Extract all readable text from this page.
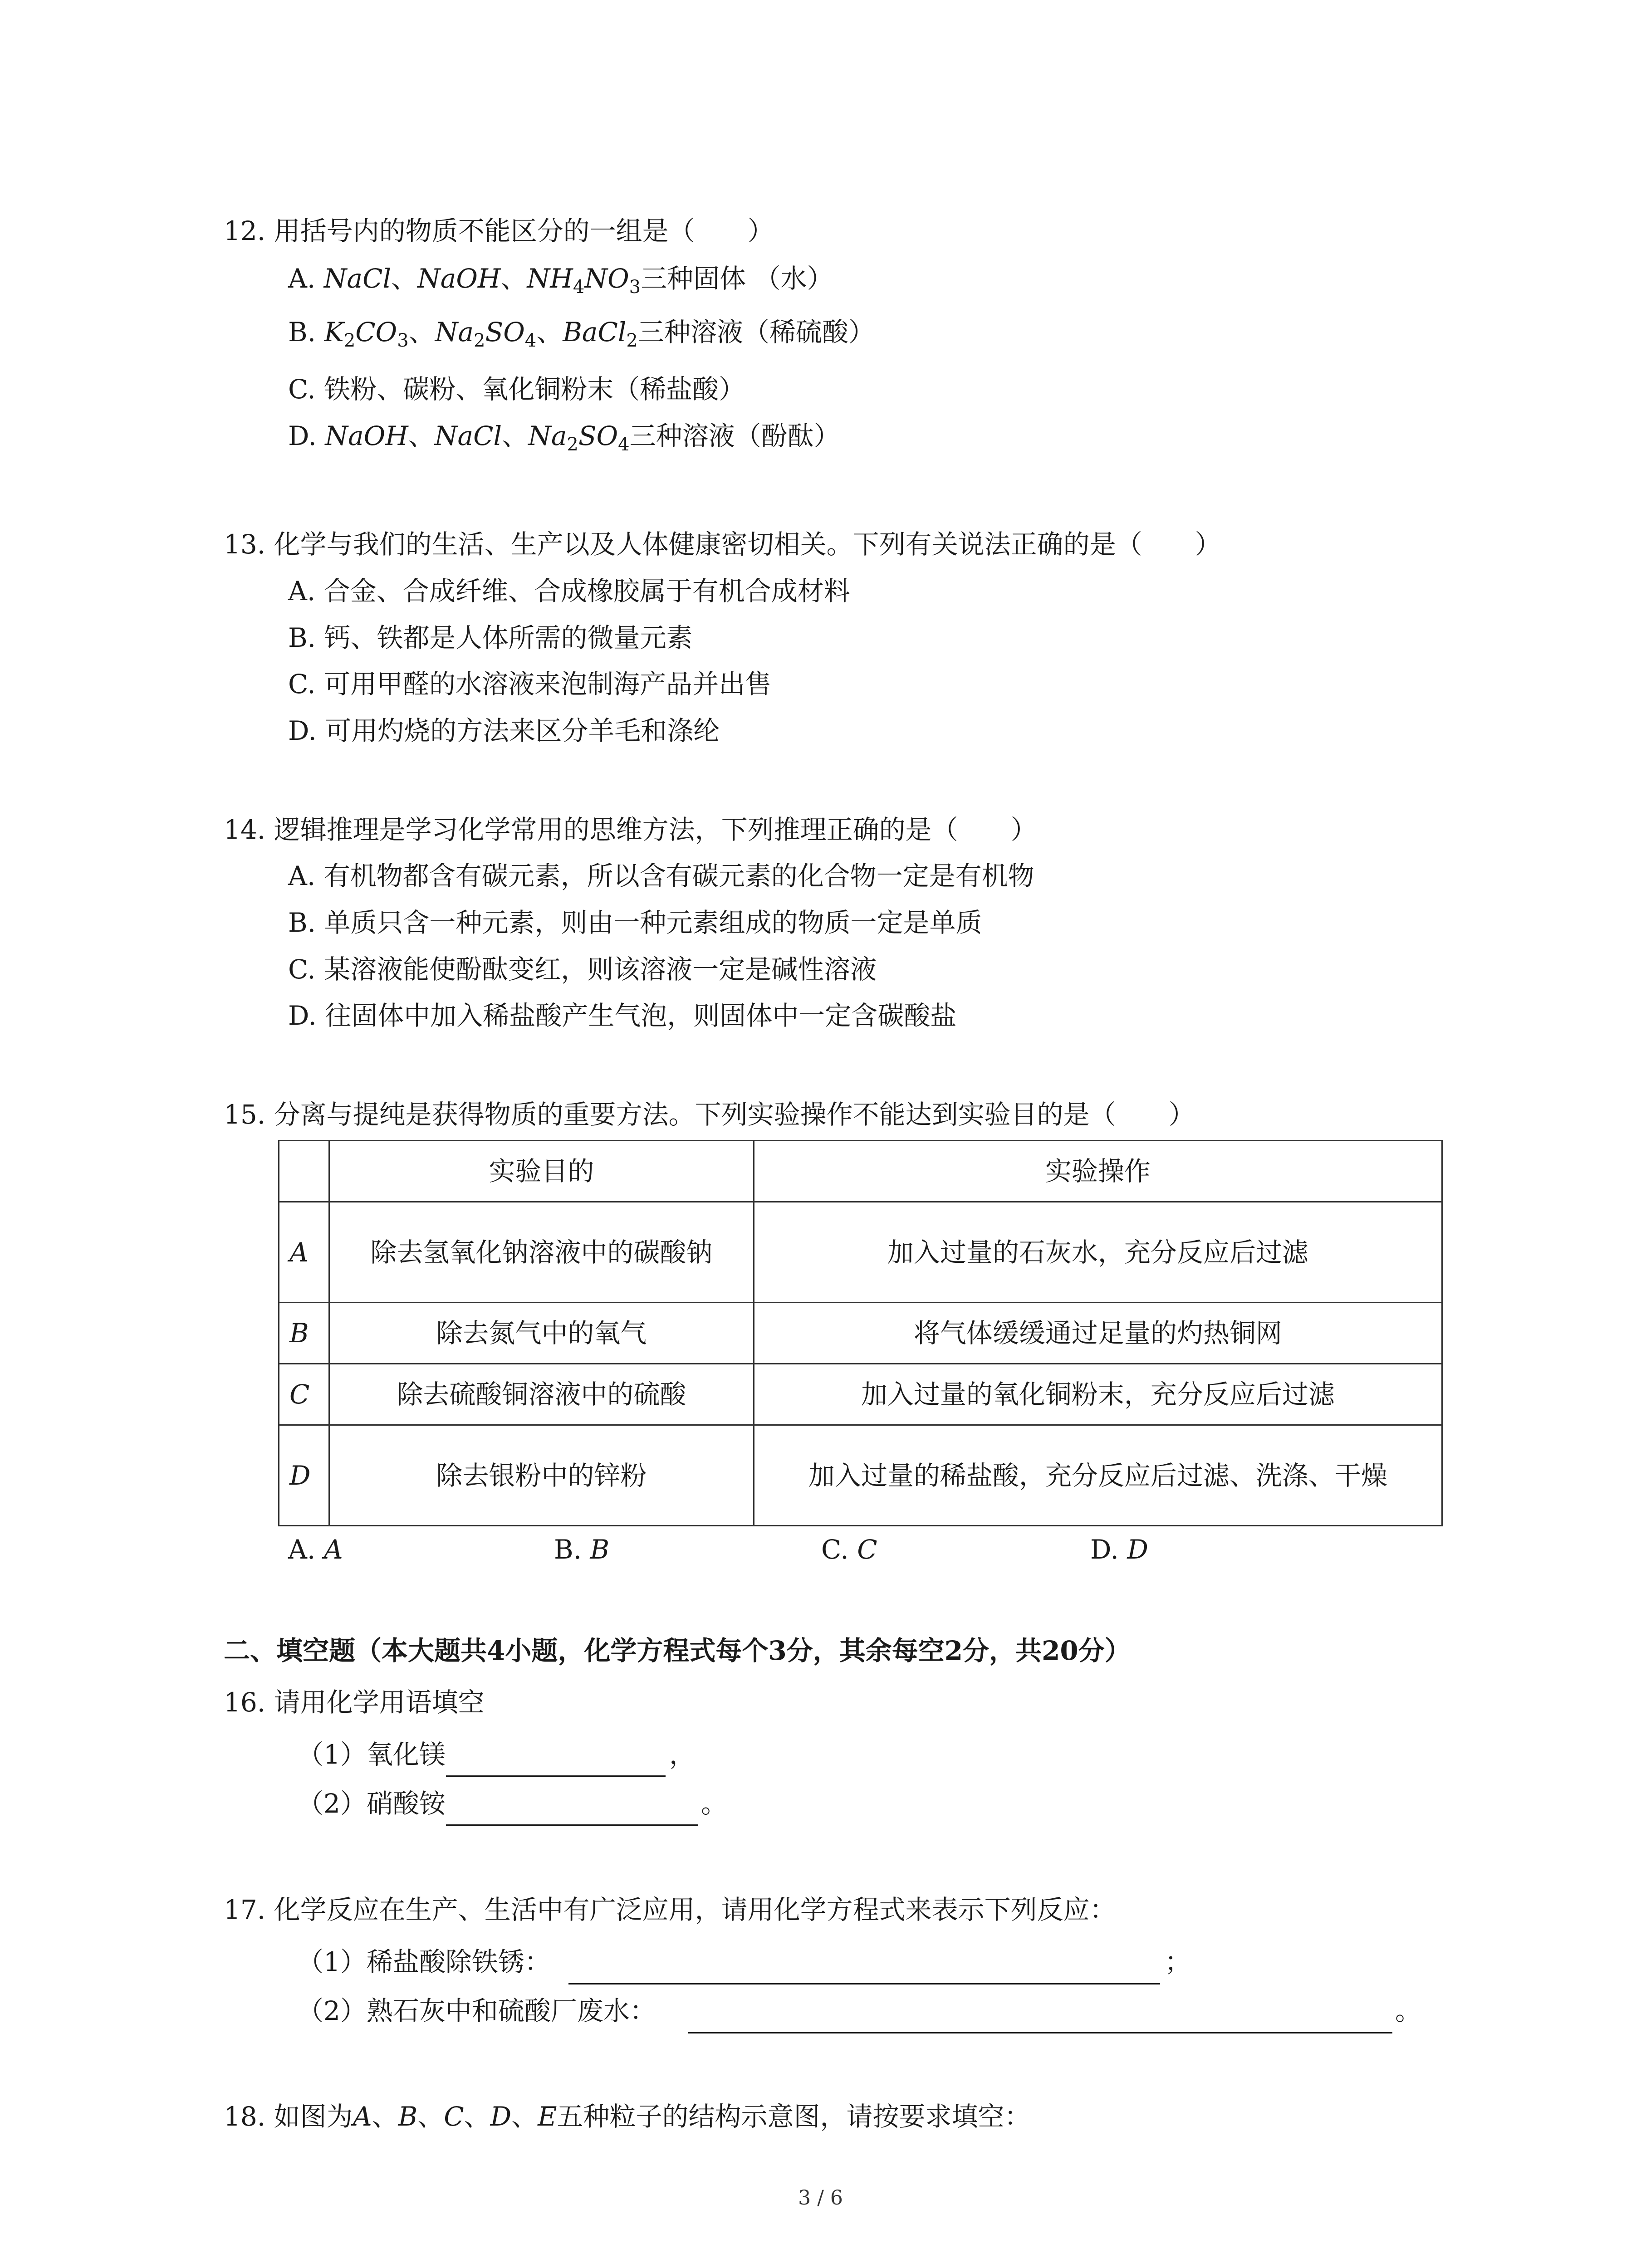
12. 用括号内的物质不能区分的一组是（　　）
A. NaCl、NaOH、$NH_4NO_3$三种固体 （水）
B. $K_2CO_3$、$Na_2SO_4$、BaCl$_2$三种溶液（稀硫酸）
C. 铁粉、碳粉、氧化铜粉末（稀盐酸）
D. NaOH、NaCl、$Na_2SO_4$三种溶液（酚酞）
13. 化学与我们的生活、生产以及人体健康密切相关。下列有关说法正确的是（　　）
A. 合金、合成纤维、合成橡胶属于有机合成材料
B. 钙、铁都是人体所需的微量元素
C. 可用甲醛的水溶液来泡制海产品并出售
D. 可用灼烧的方法来区分羊毛和涤纶
14. 逻辑推理是学习化学常用的思维方法，下列推理正确的是（　　）
A. 有机物都含有碳元素，所以含有碳元素的化合物一定是有机物
B. 单质只含一种元素，则由一种元素组成的物质一定是单质
C. 某溶液能使酚酞变红，则该溶液一定是碱性溶液
D. 往固体中加入稀盐酸产生气泡，则固体中一定含碳酸盐
15. 分离与提纯是获得物质的重要方法。下列实验操作不能达到实验目的是（　　）
	实验目的	实验操作
A	除去氢氧化钠溶液中的碳酸钠	加入过量的石灰水，充分反应后过滤
B	除去氮气中的氧气	将气体缓缓通过足量的灼热铜网
C	除去硫酸铜溶液中的硫酸	加入过量的氧化铜粉末，充分反应后过滤
D	除去银粉中的锌粉	加入过量的稀盐酸，充分反应后过滤、洗涤、干燥
A. A	B. B	C. C	D. D
二、填空题（本大题共4小题，化学方程式每个3分，其余每空2分，共20分）
16. 请用化学用语填空
（1）氧化镁	，
（2）硝酸铵	。
17. 化学反应在生产、生活中有广泛应用，请用化学方程式来表示下列反应：
（1）稀盐酸除铁锈：	；
（2）熟石灰中和硫酸厂废水：	。
18. 如图为A、B、C、D、E五种粒子的结构示意图，请按要求填空：
3 / 6
